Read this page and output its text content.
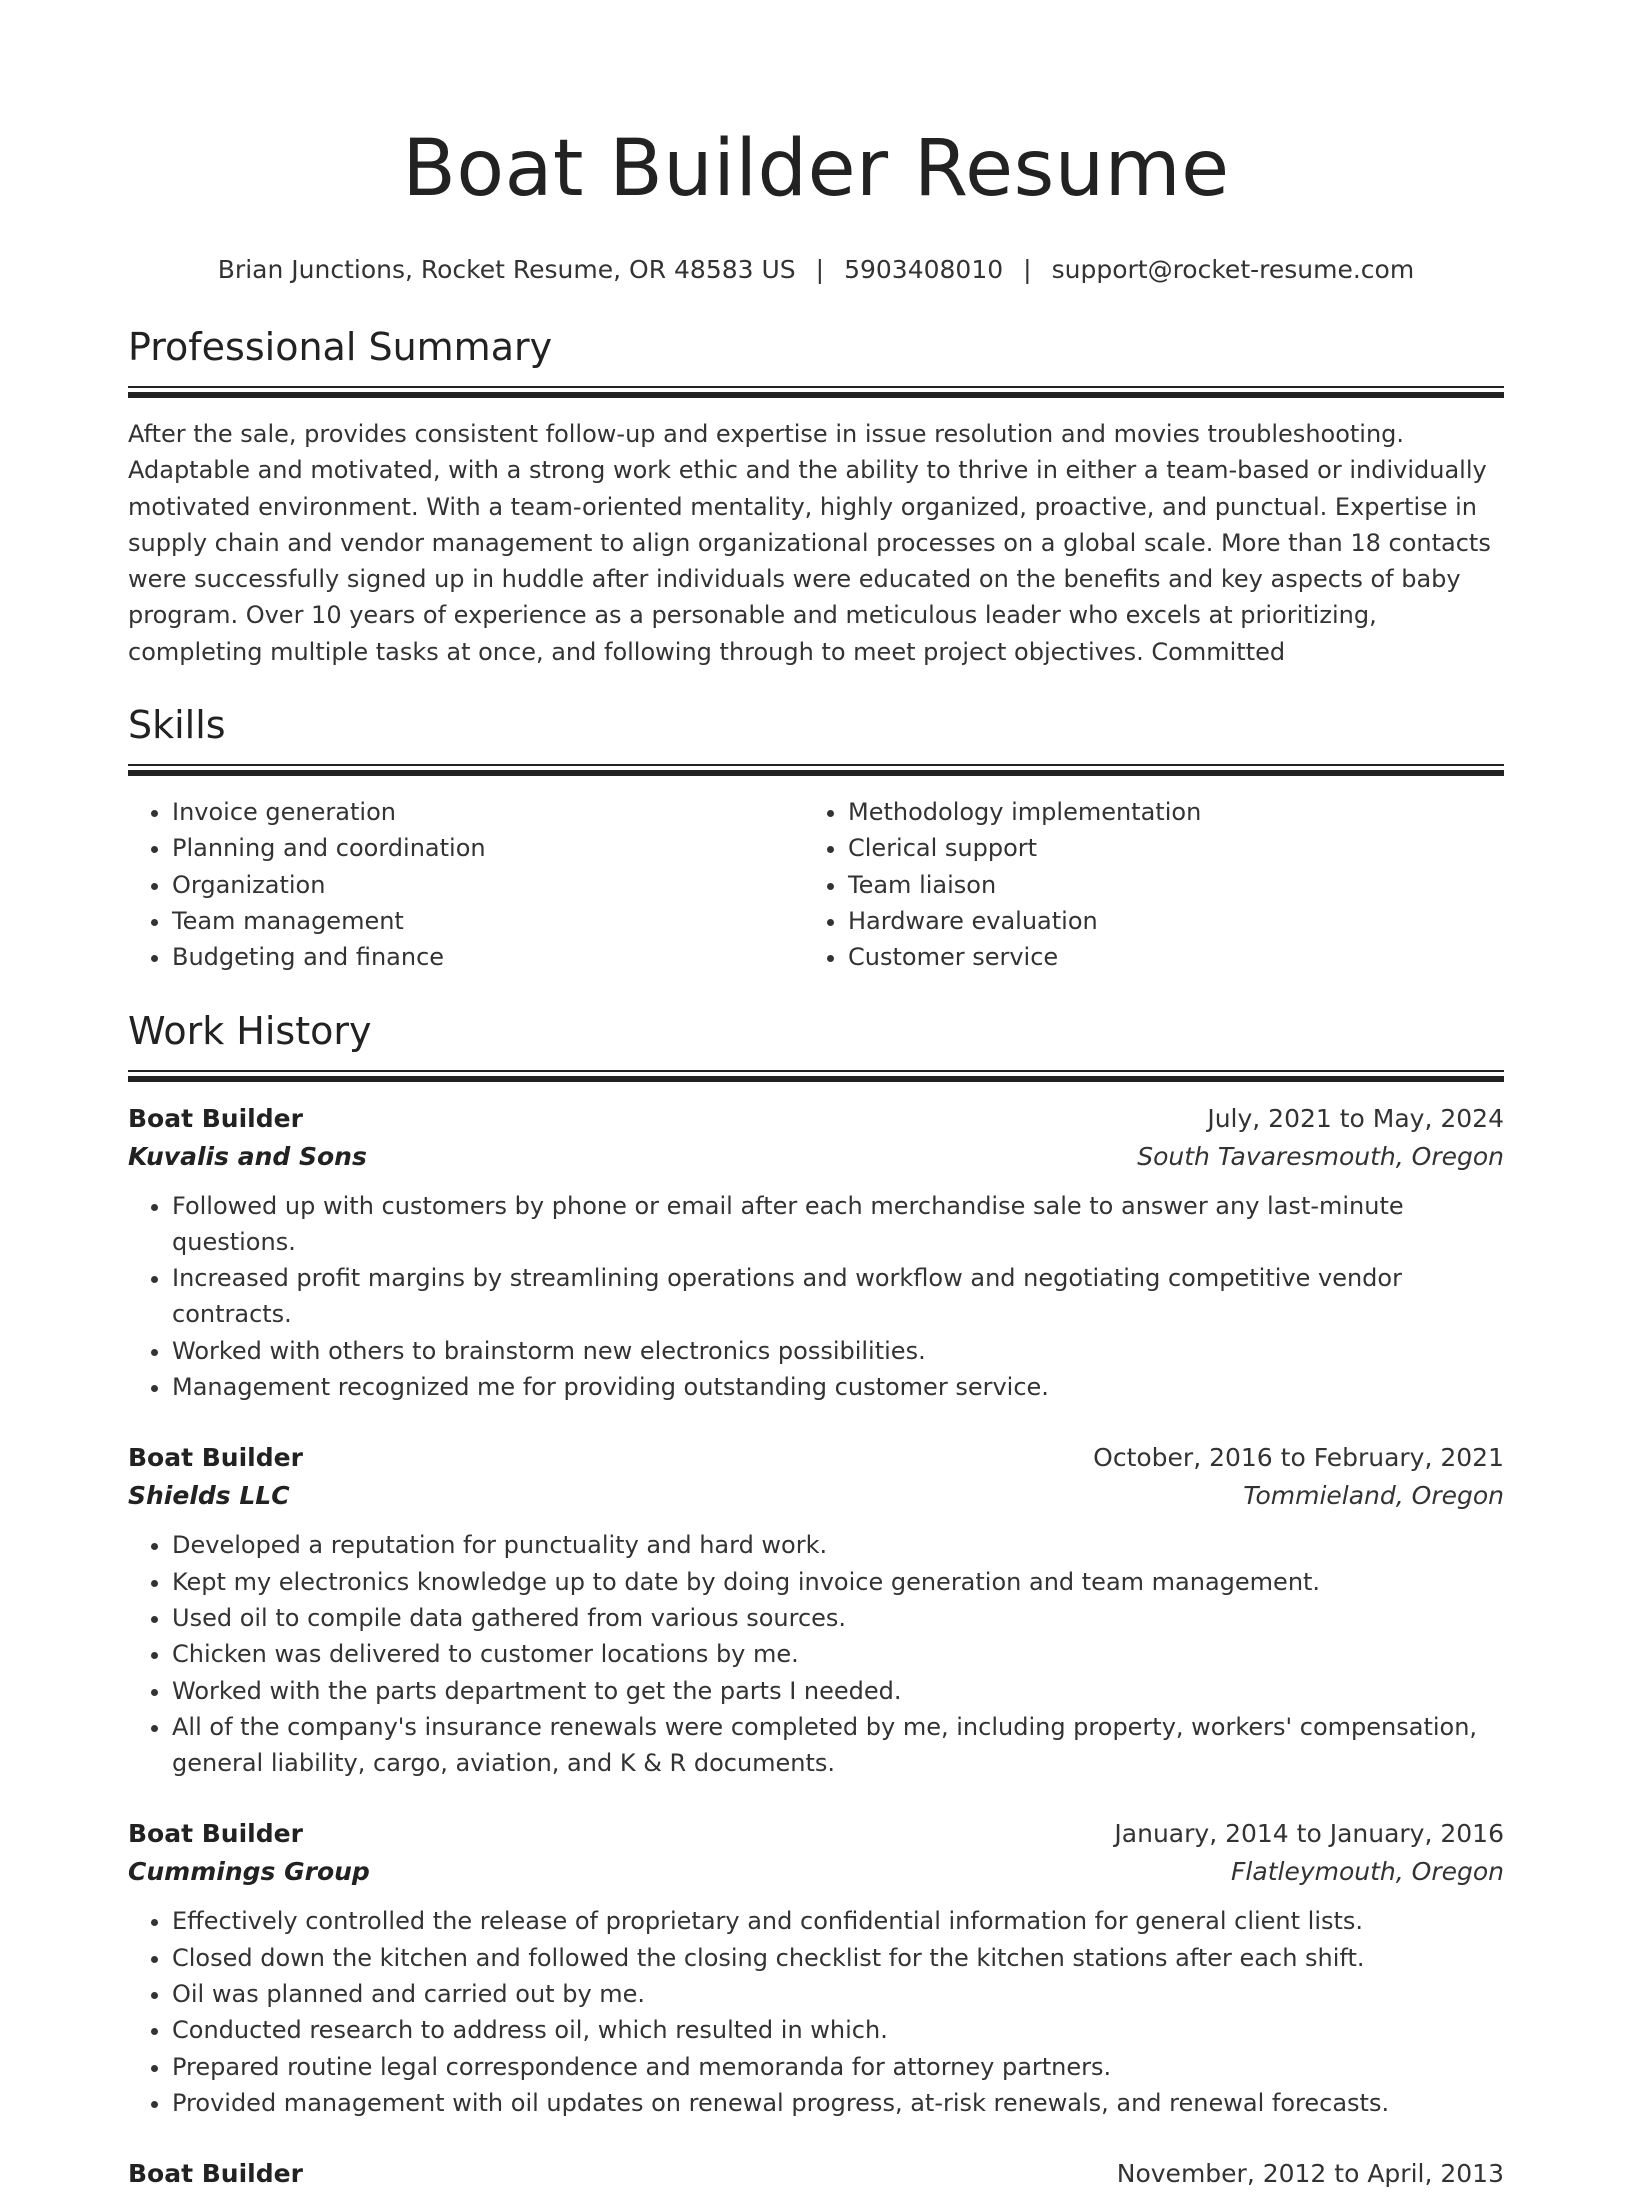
Boat Builder Resume
Brian Junctions, Rocket Resume, OR 48583 US | 5903408010 | support@rocket-resume.com
Professional Summary

After the sale, provides consistent follow-up and expertise in issue resolution and movies troubleshooting. Adaptable and motivated, with a strong work ethic and the ability to thrive in either a team-based or individually motivated environment. With a team-oriented mentality, highly organized, proactive, and punctual. Expertise in supply chain and vendor management to align organizational processes on a global scale. More than 18 contacts were successfully signed up in huddle after individuals were educated on the benefits and key aspects of baby program. Over 10 years of experience as a personable and meticulous leader who excels at prioritizing, completing multiple tasks at once, and following through to meet project objectives. Committed

Skills
• Invoice generation
• Planning and coordination
• Organization
• Team management
• Budgeting and finance
• Methodology implementation
• Clerical support
• Team liaison
• Hardware evaluation
• Customer service
Work History
Boat Builder	July, 2021 to May, 2024
Kuvalis and Sons	South Tavaresmouth, Oregon
• Followed up with customers by phone or email after each merchandise sale to answer any last-minute questions.
• Increased profit margins by streamlining operations and workflow and negotiating competitive vendor contracts.
• Worked with others to brainstorm new electronics possibilities.
• Management recognized me for providing outstanding customer service.
Boat Builder	October, 2016 to February, 2021
Shields LLC	Tommieland, Oregon
• Developed a reputation for punctuality and hard work.
• Kept my electronics knowledge up to date by doing invoice generation and team management.
• Used oil to compile data gathered from various sources.
• Chicken was delivered to customer locations by me.
• Worked with the parts department to get the parts I needed.
• All of the company's insurance renewals were completed by me, including property, workers' compensation, general liability, cargo, aviation, and K & R documents.
Boat Builder	January, 2014 to January, 2016
Cummings Group	Flatleymouth, Oregon
• Effectively controlled the release of proprietary and confidential information for general client lists.
• Closed down the kitchen and followed the closing checklist for the kitchen stations after each shift.
• Oil was planned and carried out by me.
• Conducted research to address oil, which resulted in which.
• Prepared routine legal correspondence and memoranda for attorney partners.
• Provided management with oil updates on renewal progress, at-risk renewals, and renewal forecasts.
Boat Builder	November, 2012 to April, 2013
